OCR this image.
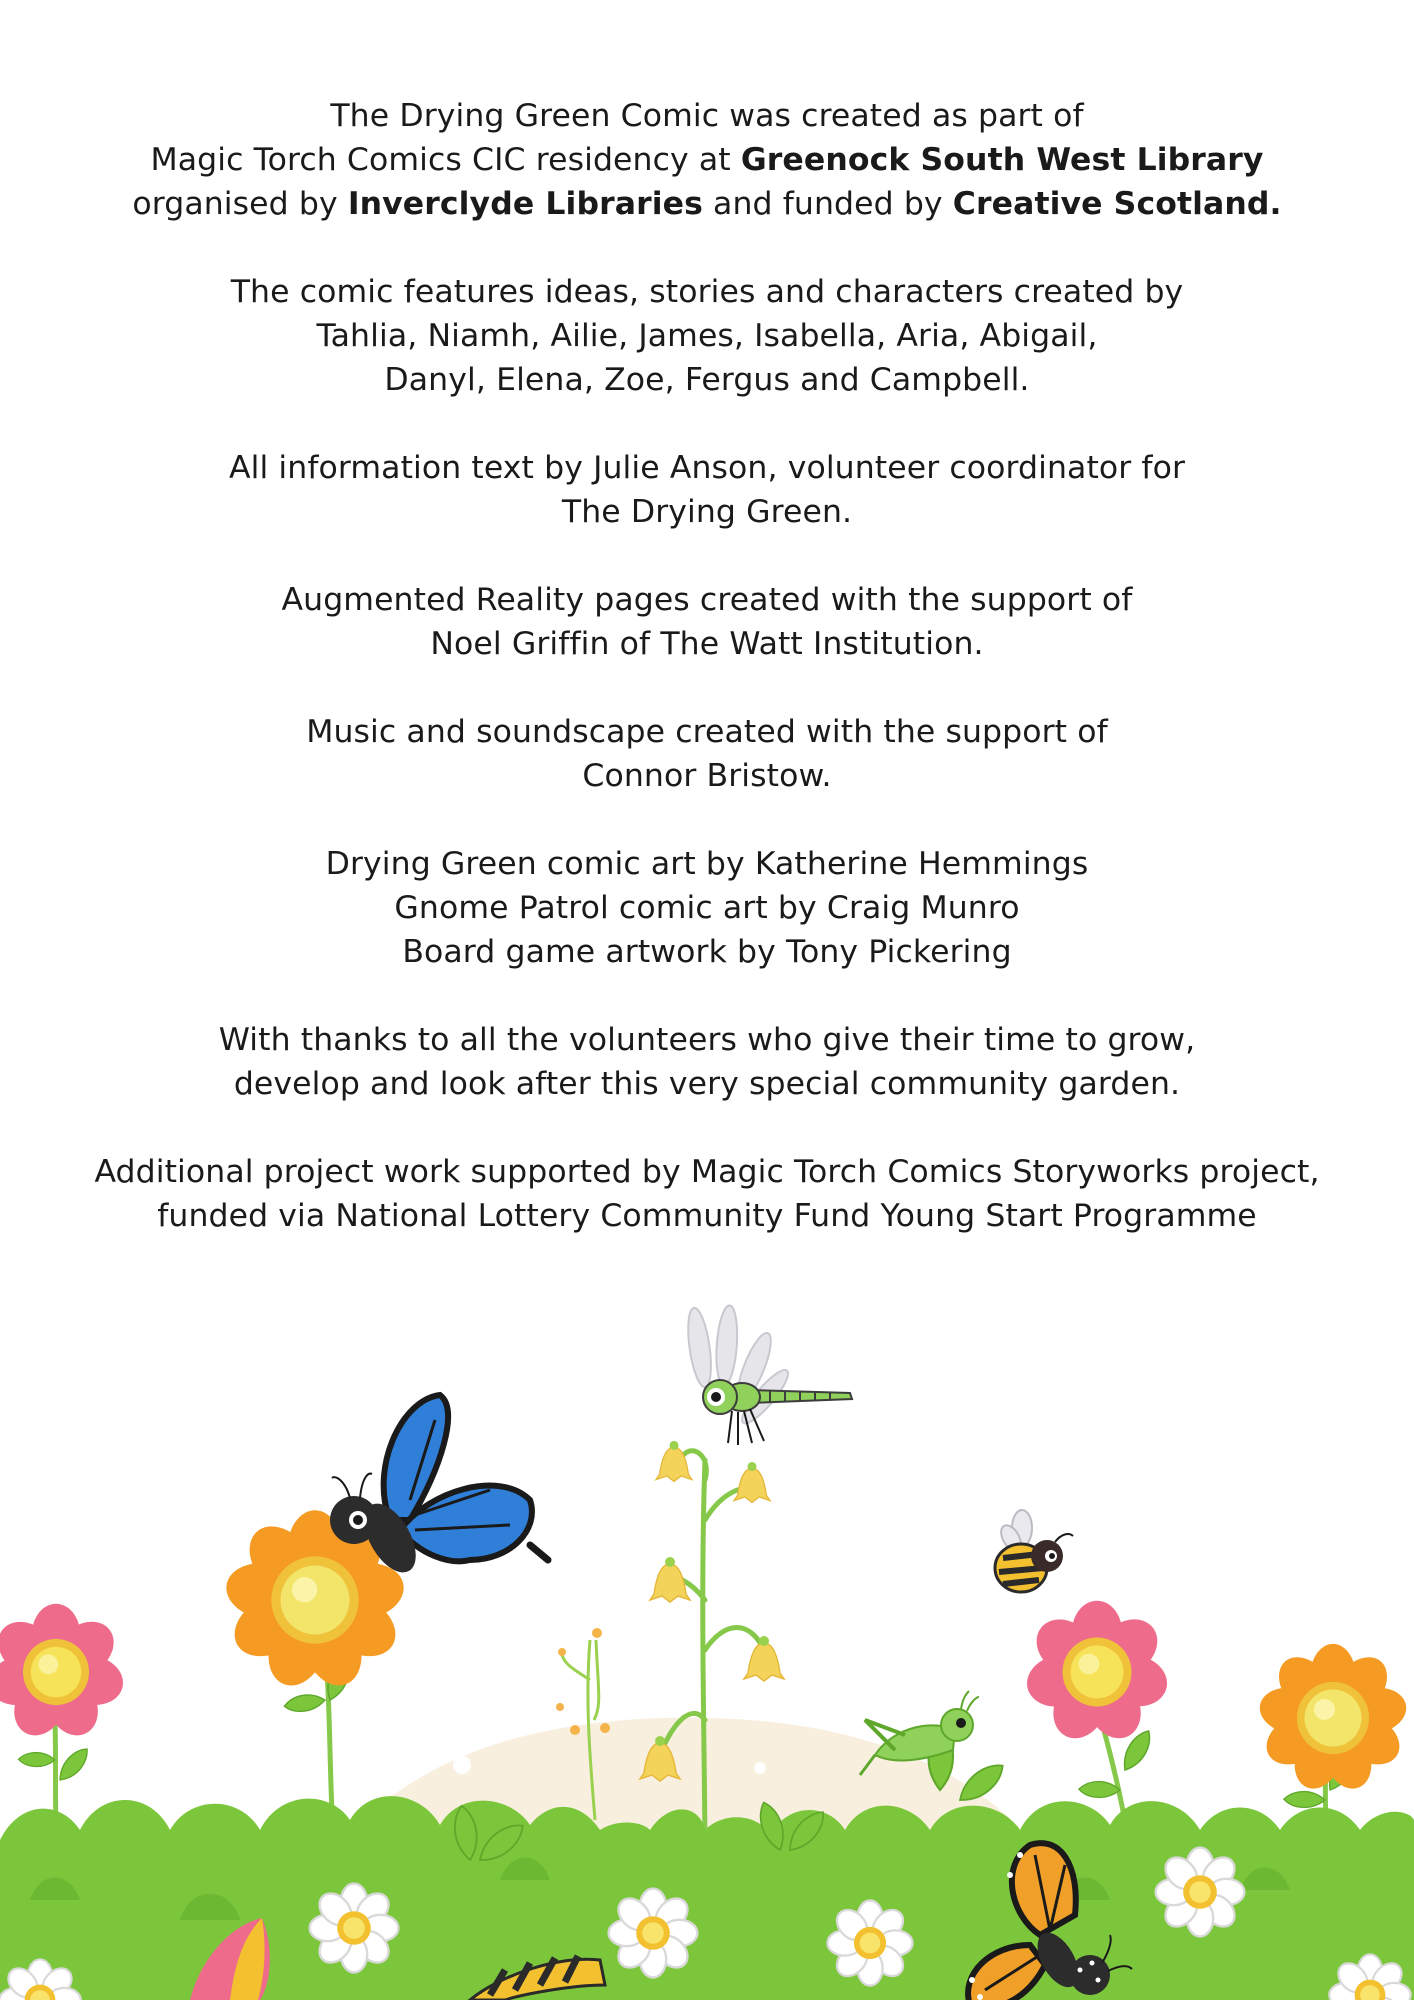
The Drying Green Comic was created as part of
Magic Torch Comics CIC residency at Greenock South West Library
organised by Inverclyde Libraries and funded by Creative Scotland.

The comic features ideas, stories and characters created by
Tahlia, Niamh, Ailie, James, Isabella, Aria, Abigail,
Danyl, Elena, Zoe, Fergus and Campbell.

All information text by Julie Anson, volunteer coordinator for
The Drying Green.

Augmented Reality pages created with the support of
Noel Griffin of The Watt Institution.

Music and soundscape created with the support of
Connor Bristow.

Drying Green comic art by Katherine Hemmings
Gnome Patrol comic art by Craig Munro
Board game artwork by Tony Pickering

With thanks to all the volunteers who give their time to grow,
develop and look after this very special community garden.

Additional project work supported by Magic Torch Comics Storyworks project,
funded via National Lottery Community Fund Young Start Programme
